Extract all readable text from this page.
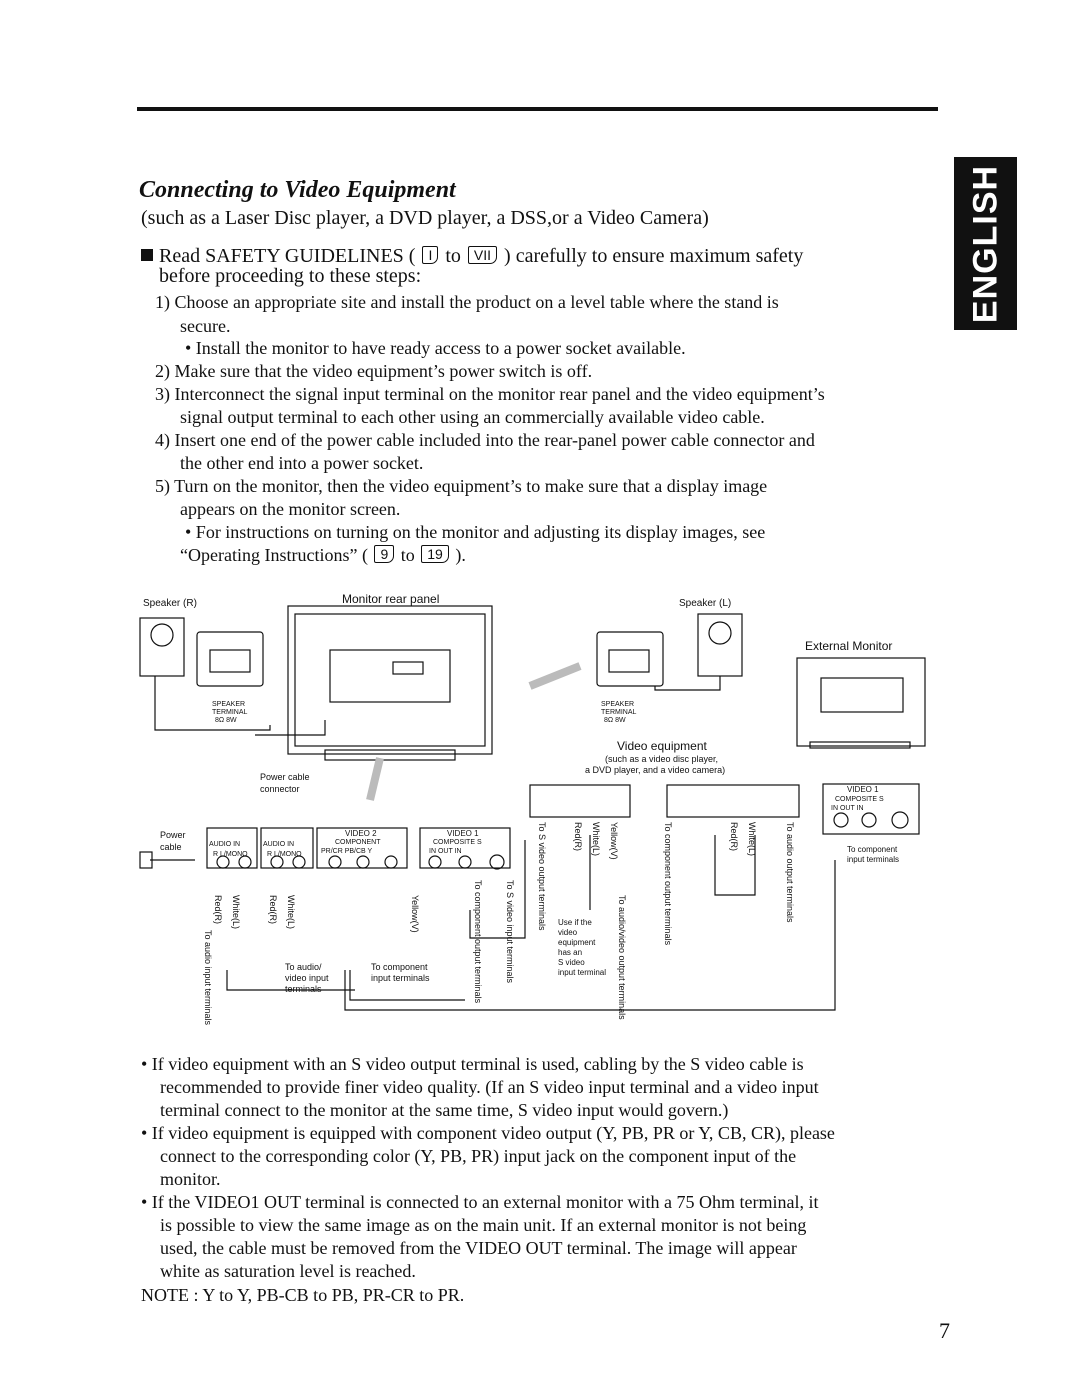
ENGLISH
Connecting to Video Equipment
(such as a Laser Disc player, a DVD player, a DSS,or a Video Camera)
Read SAFETY GUIDELINES ( I to VII ) carefully to ensure maximum safety
before proceeding to these steps:
1) Choose an appropriate site and install the product on a level table where the stand is
secure.
• Install the monitor to have ready access to a power socket available.
2) Make sure that the video equipment’s power switch is off.
3) Interconnect the signal input terminal on the monitor rear panel and the video equipment’s
signal output terminal to each other using an commercially available video cable.
4) Insert one end of the power cable included into the rear-panel power cable connector and
the other end into a power socket.
5) Turn on the monitor, then the video equipment’s to make sure that a display image
appears on the monitor screen.
• For instructions on turning on the monitor and adjusting its display images, see
“Operating Instructions” ( 9 to 19 ).
Speaker (R)	Speaker (L)
Monitor rear panel
External Monitor
Video equipment
(such as a video disc player,
a DVD player, and a video camera)
SPEAKER
TERMINAL
8Ω 8W
SPEAKER
TERMINAL
8Ω 8W
Power cable
connector
Power
cable	AUDIO IN	AUDIO IN
R L/MONO	R L/MONO
VIDEO 2
COMPONENT
PR/CR PB/CB Y
VIDEO 1
COMPOSITE S
IN OUT IN
VIDEO 1
COMPOSITE S
IN OUT IN
To component
input terminals
To audio/
video input
terminals
To component
input terminals
Use if the
video
equipment
has an
S video
input terminal
Red(R) White(L)	Red(R) White(L)	Yellow(V)
To audio input terminals	To component output terminals To S video input terminals
To S video output terminals	Red(R) White(L) Yellow(V)
To audio/video output terminals
To component output terminals	Red(R) White(L)	To audio output terminals
• If video equipment with an S video output terminal is used, cabling by the S video cable is
recommended to provide finer video quality. (If an S video input terminal and a video input
terminal connect to the monitor at the same time, S video input would govern.)
• If video equipment is equipped with component video output (Y, PB, PR or Y, CB, CR), please
connect to the corresponding color (Y, PB, PR) input jack on the component input of the
monitor.
• If the VIDEO1 OUT terminal is connected to an external monitor with a 75 Ohm terminal, it
is possible to view the same image as on the main unit. If an external monitor is not being
used, the cable must be removed from the VIDEO OUT terminal. The image will appear
white as saturation level is reached.
NOTE : Y to Y, PB-CB to PB, PR-CR to PR.
7
